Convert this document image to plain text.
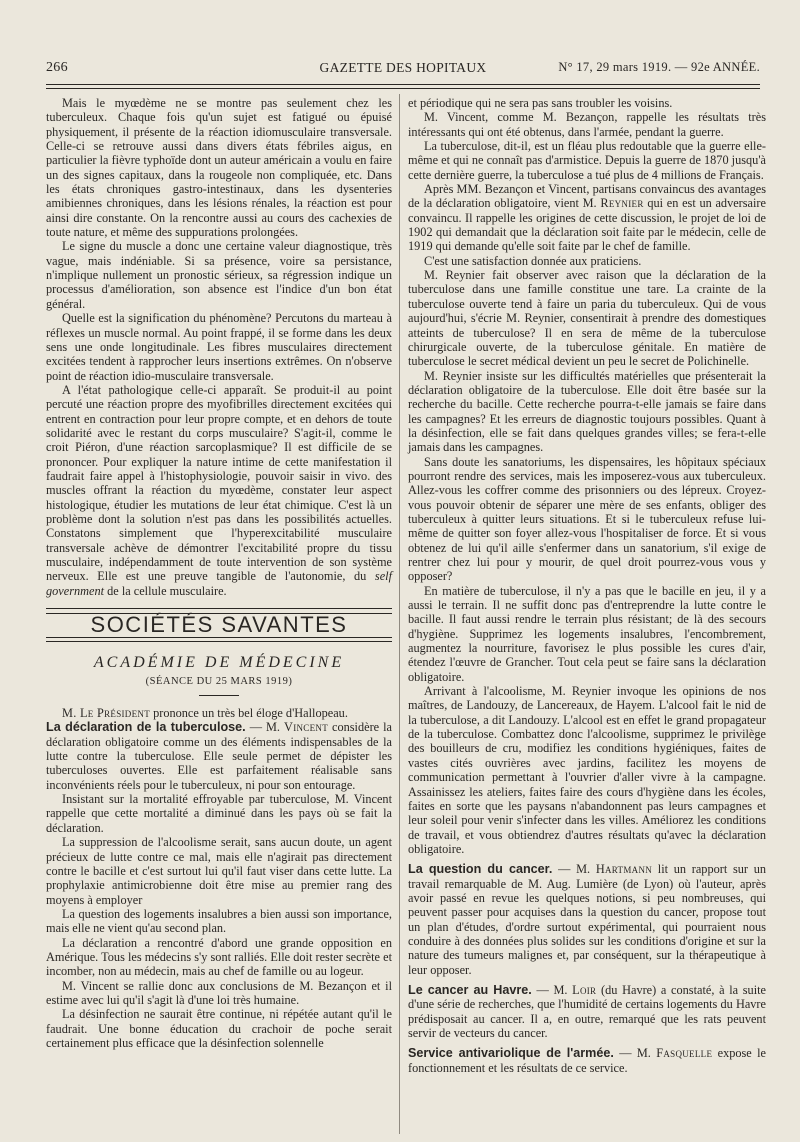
266	GAZETTE DES HOPITAUX	N° 17, 29 mars 1919. — 92e ANNÉE.

Mais le myœdème ne se montre pas seulement chez les tuberculeux. Chaque fois qu'un sujet est fatigué ou épuisé physiquement, il présente de la réaction idiomusculaire transversale. Celle-ci se retrouve aussi dans divers états fébriles aigus, en particulier la fièvre typhoïde dont un auteur américain a voulu en faire un des signes capitaux, dans la rougeole non compliquée, etc. Dans les états chroniques gastro-intestinaux, dans les dysenteries amibiennes chroniques, dans les lésions rénales, la réaction est pour ainsi dire constante. On la rencontre aussi au cours des cachexies de toute nature, et même des suppurations prolongées.

Le signe du muscle a donc une certaine valeur diagnostique, très vague, mais indéniable. Si sa présence, voire sa persistance, n'implique nullement un pronostic sérieux, sa régression indique un processus d'amélioration, son absence est l'indice d'un bon état général.

Quelle est la signification du phénomène? Percutons du marteau à réflexes un muscle normal. Au point frappé, il se forme dans les deux sens une onde longitudinale. Les fibres musculaires directement excitées tendent à rapprocher leurs insertions extrêmes. On n'observe point de réaction idio-musculaire transversale.

A l'état pathologique celle-ci apparaît. Se produit-il au point percuté une réaction propre des myofibrilles directement excitées qui entrent en contraction pour leur propre compte, et en dehors de toute solidarité avec le restant du corps musculaire? S'agit-il, comme le croit Piéron, d'une réaction sarcoplasmique? Il est difficile de se prononcer. Pour expliquer la nature intime de cette manifestation il faudrait faire appel à l'histophysiologie, pouvoir saisir in vivo. des muscles offrant la réaction du myœdème, constater leur aspect histologique, étudier les mutations de leur état chimique. C'est là un problème dont la solution n'est pas dans les possibilités actuelles. Constatons simplement que l'hyperexcitabilité musculaire transversale achève de démontrer l'excitabilité propre du tissu musculaire, indépendamment de toute intervention de son système nerveux. Elle est une preuve tangible de l'autonomie, du self government de la cellule musculaire.

SOCIÉTÉS SAVANTES
ACADÉMIE DE MÉDECINE
(SÉANCE DU 25 MARS 1919)

M. Le Président prononce un très bel éloge d'Hallopeau.

La déclaration de la tuberculose. — M. Vincent considère la déclaration obligatoire comme un des éléments indispensables de la lutte contre la tuberculose. Elle seule permet de dépister les tuberculoses ouvertes. Elle est parfaitement réalisable sans inconvénients réels pour le tuberculeux, ni pour son entourage.

Insistant sur la mortalité effroyable par tuberculose, M. Vincent rappelle que cette mortalité a diminué dans les pays où se fait la déclaration.

La suppression de l'alcoolisme serait, sans aucun doute, un agent précieux de lutte contre ce mal, mais elle n'agirait pas directement contre le bacille et c'est surtout lui qu'il faut viser dans cette lutte. La prophylaxie antimicrobienne doit être mise au premier rang des moyens à employer

La question des logements insalubres a bien aussi son importance, mais elle ne vient qu'au second plan.

La déclaration a rencontré d'abord une grande opposition en Amérique. Tous les médecins s'y sont ralliés. Elle doit rester secrète et incomber, non au médecin, mais au chef de famille ou au logeur.

M. Vincent se rallie donc aux conclusions de M. Bezançon et il estime avec lui qu'il s'agit là d'une loi très humaine.

La désinfection ne saurait être continue, ni répétée autant qu'il le faudrait. Une bonne éducation du crachoir de poche serait certainement plus efficace que la désinfection solennelle

et périodique qui ne sera pas sans troubler les voisins.

M. Vincent, comme M. Bezançon, rappelle les résultats très intéressants qui ont été obtenus, dans l'armée, pendant la guerre.

La tuberculose, dit-il, est un fléau plus redoutable que la guerre elle-même et qui ne connaît pas d'armistice. Depuis la guerre de 1870 jusqu'à cette dernière guerre, la tuberculose a tué plus de 4 millions de Français.

Après MM. Bezançon et Vincent, partisans convaincus des avantages de la déclaration obligatoire, vient M. Reynier qui en est un adversaire convaincu. Il rappelle les origines de cette discussion, le projet de loi de 1902 qui demandait que la déclaration soit faite par le médecin, celle de 1919 qui demande qu'elle soit faite par le chef de famille.

C'est une satisfaction donnée aux praticiens.

M. Reynier fait observer avec raison que la déclaration de la tuberculose dans une famille constitue une tare. La crainte de la tuberculose ouverte tend à faire un paria du tuberculeux. Qui de vous aujourd'hui, s'écrie M. Reynier, consentirait à prendre des domestiques atteints de tuberculose? Il en sera de même de la tuberculose chirurgicale ouverte, de la tuberculose génitale. En matière de tuberculose le secret médical devient un peu le secret de Polichinelle.

M. Reynier insiste sur les difficultés matérielles que présenterait la déclaration obligatoire de la tuberculose. Elle doit être basée sur la recherche du bacille. Cette recherche pourra-t-elle jamais se faire dans les campagnes? Et les erreurs de diagnostic toujours possibles. Quant à la désinfection, elle se fait dans quelques grandes villes; se fera-t-elle jamais dans les campagnes.

Sans doute les sanatoriums, les dispensaires, les hôpitaux spéciaux pourront rendre des services, mais les imposerez-vous aux tuberculeux. Allez-vous les coffrer comme des prisonniers ou des lépreux. Croyez-vous pouvoir obtenir de séparer une mère de ses enfants, obliger des tuberculeux à quitter leurs situations. Et si le tuberculeux refuse lui-même de quitter son foyer allez-vous l'hospitaliser de force. Et si vous obtenez de lui qu'il aille s'enfermer dans un sanatorium, s'il exige de rentrer chez lui pour y mourir, de quel droit pourrez-vous vous y opposer?

En matière de tuberculose, il n'y a pas que le bacille en jeu, il y a aussi le terrain. Il ne suffit donc pas d'entreprendre la lutte contre le bacille. Il faut aussi rendre le terrain plus résistant; de là des secours d'hygiène. Supprimez les logements insalubres, l'encombrement, augmentez la nourriture, favorisez le plus possible les cures d'air, étendez l'œuvre de Grancher. Tout cela peut se faire sans la déclaration obligatoire.

Arrivant à l'alcoolisme, M. Reynier invoque les opinions de nos maîtres, de Landouzy, de Lancereaux, de Hayem. L'alcool fait le nid de la tuberculose, a dit Landouzy. L'alcool est en effet le grand propagateur de la tuberculose. Combattez donc l'alcoolisme, supprimez le privilège des bouilleurs de cru, modifiez les conditions hygiéniques, faites de vastes cités ouvrières avec jardins, facilitez les moyens de communication permettant à l'ouvrier d'aller vivre à la campagne. Assainissez les ateliers, faites faire des cours d'hygiène dans les écoles, faites en sorte que les paysans n'abandonnent pas leurs campagnes et leur soleil pour venir s'infecter dans les villes. Améliorez les conditions de travail, et vous obtiendrez d'autres résultats qu'avec la déclaration obligatoire.

La question du cancer. — M. Hartmann lit un rapport sur un travail remarquable de M. Aug. Lumière (de Lyon) où l'auteur, après avoir passé en revue les quelques notions, si peu nombreuses, qui peuvent passer pour acquises dans la question du cancer, propose tout un plan d'études, d'ordre surtout expérimental, qui pourraient nous conduire à des données plus solides sur les conditions d'origine et sur la nature des tumeurs malignes et, par conséquent, sur la thérapeutique à leur opposer.

Le cancer au Havre. — M. Loir (du Havre) a constaté, à la suite d'une série de recherches, que l'humidité de certains logements du Havre prédisposait au cancer. Il a, en outre, remarqué que les rats peuvent servir de vecteurs du cancer.

Service antivariolique de l'armée. — M. Fasquelle expose le fonctionnement et les résultats de ce service.
